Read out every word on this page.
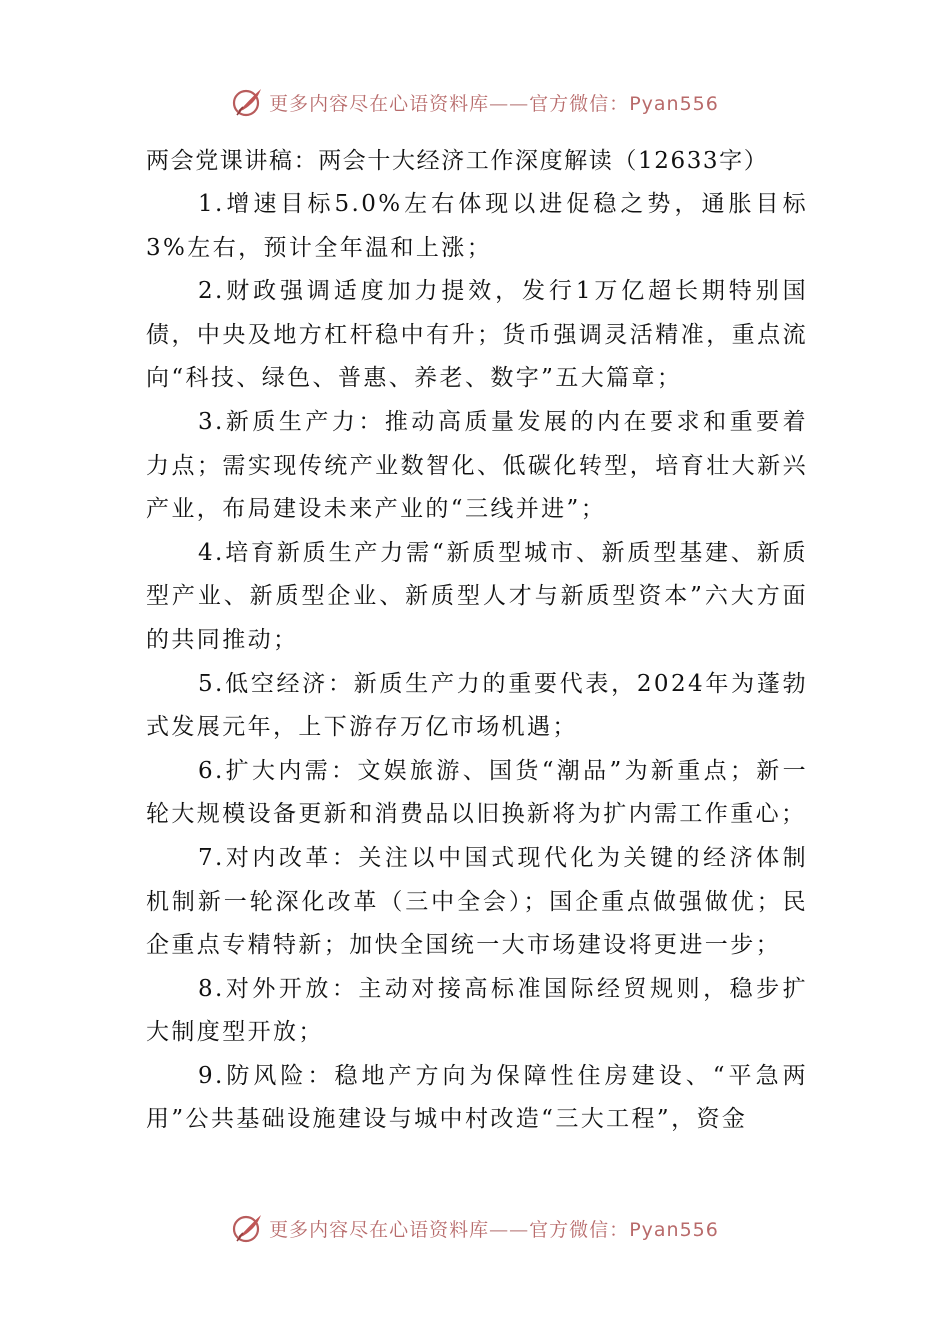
更多内容尽在心语资料库——官方微信：Pyan556

两会党课讲稿：两会十大经济工作深度解读（12633字）

1.增速目标5.0%左右体现以进促稳之势，通胀目标3%左右，预计全年温和上涨；

2.财政强调适度加力提效，发行1万亿超长期特别国债，中央及地方杠杆稳中有升；货币强调灵活精准，重点流向“科技、绿色、普惠、养老、数字”五大篇章；

3.新质生产力：推动高质量发展的内在要求和重要着力点；需实现传统产业数智化、低碳化转型，培育壮大新兴产业，布局建设未来产业的“三线并进”；

4.培育新质生产力需“新质型城市、新质型基建、新质型产业、新质型企业、新质型人才与新质型资本”六大方面的共同推动；

5.低空经济：新质生产力的重要代表，2024年为蓬勃式发展元年，上下游存万亿市场机遇；

6.扩大内需：文娱旅游、国货“潮品”为新重点；新一轮大规模设备更新和消费品以旧换新将为扩内需工作重心；

7.对内改革：关注以中国式现代化为关键的经济体制机制新一轮深化改革（三中全会）；国企重点做强做优；民企重点专精特新；加快全国统一大市场建设将更进一步；

8.对外开放：主动对接高标准国际经贸规则，稳步扩大制度型开放；

9.防风险：稳地产方向为保障性住房建设、“平急两用”公共基础设施建设与城中村改造“三大工程”，资金

更多内容尽在心语资料库——官方微信：Pyan556
